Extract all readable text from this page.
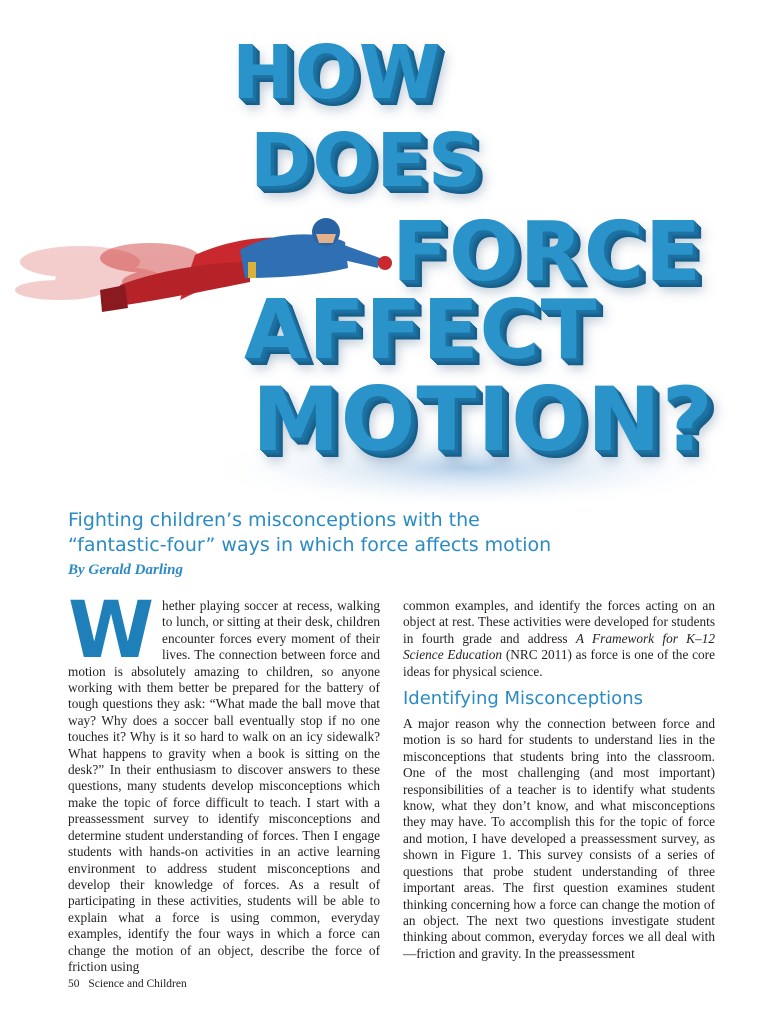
HOW
DOES
FORCE
AFFECT
MOTION?
Fighting children’s misconceptions with the
“fantastic-four” ways in which force affects motion
By Gerald Darling

Whether playing soccer at recess, walking to lunch, or sitting at their desk, children encounter forces every moment of their lives. The connection between force and motion is absolutely amazing to children, so anyone working with them better be prepared for the battery of tough questions they ask: “What made the ball move that way? Why does a soccer ball eventually stop if no one touches it? Why is it so hard to walk on an icy sidewalk? What happens to gravity when a book is sitting on the desk?” In their enthusiasm to discover answers to these questions, many students develop misconceptions which make the topic of force difficult to teach. I start with a preassessment survey to identify misconceptions and determine student understanding of forces. Then I engage students with hands-on activities in an active learning environment to address student misconceptions and develop their knowledge of forces. As a result of participating in these activities, students will be able to explain what a force is using common, everyday examples, identify the four ways in which a force can change the motion of an object, describe the force of friction using

common examples, and identify the forces acting on an object at rest. These activities were developed for students in fourth grade and address A Framework for K–12 Science Education (NRC 2011) as force is one of the core ideas for physical science.

Identifying Misconceptions

A major reason why the connection between force and motion is so hard for students to understand lies in the misconceptions that students bring into the classroom. One of the most challenging (and most important) responsibilities of a teacher is to identify what students know, what they don’t know, and what misconceptions they may have. To accomplish this for the topic of force and motion, I have developed a preassessment survey, as shown in Figure 1. This survey consists of a series of questions that probe student understanding of three important areas. The first question examines student thinking concerning how a force can change the motion of an object. The next two questions investigate student thinking about common, everyday forces we all deal with—friction and gravity. In the preassessment

50 Science and Children
